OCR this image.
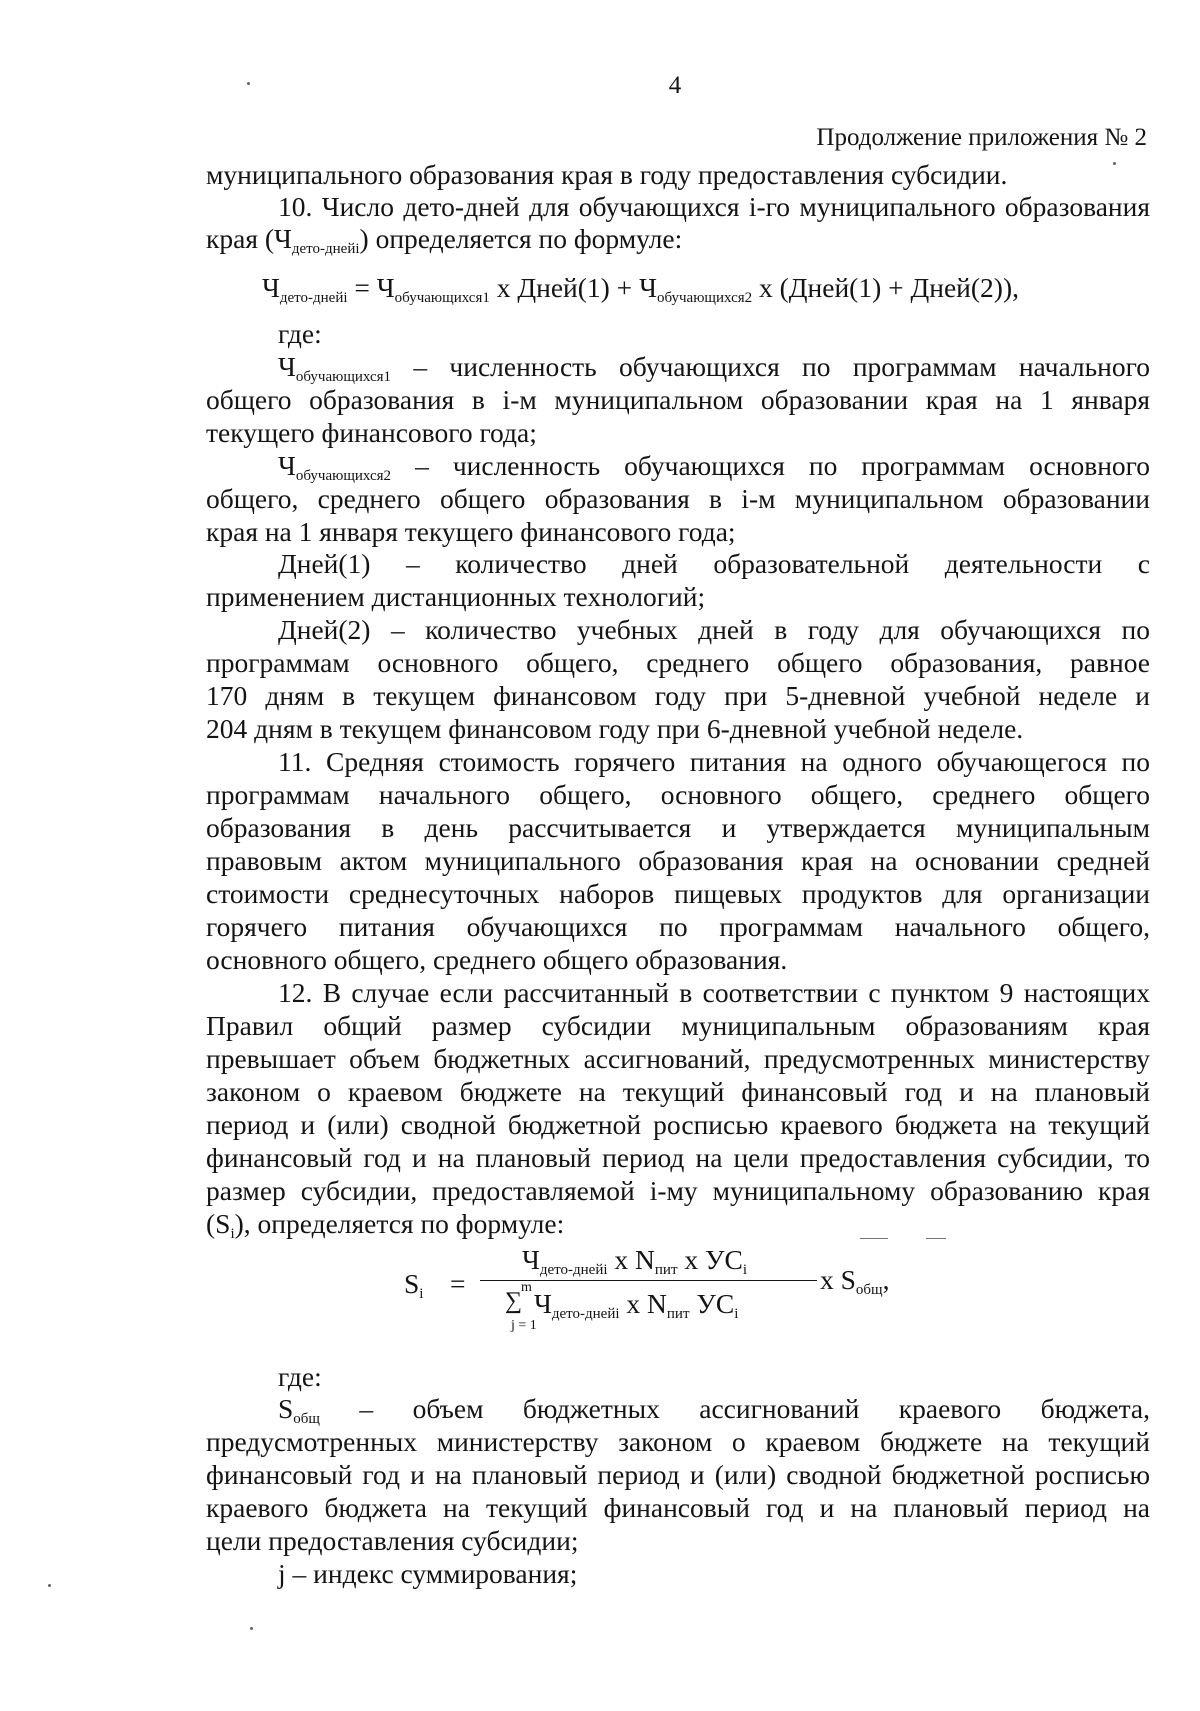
4
Продолжение приложения № 2
муниципального образования края в году предоставления субсидии.
10. Число дето-дней для обучающихся i-го муниципального образования
края $(Ч_{дето-днейi})$ определяется по формуле:
$Ч_{дето-днейi} = Ч_{обучающихся1}$ х Дней(1) + $Ч_{обучающихся2}$ х (Дней(1) + Дней(2)),
где:
$Ч_{обучающихся1}$ – численность обучающихся по программам начального
общего образования в i-м муниципальном образовании края на 1 января
текущего финансового года;
$Ч_{обучающихся2}$ – численность обучающихся по программам основного
общего, среднего общего образования в i-м муниципальном образовании
края на 1 января текущего финансового года;
Дней(1) – количество дней образовательной деятельности с
применением дистанционных технологий;
Дней(2) – количество учебных дней в году для обучающихся по
программам основного общего, среднего общего образования, равное
170 дням в текущем финансовом году при 5-дневной учебной неделе и
204 дням в текущем финансовом году при 6-дневной учебной неделе.
11. Средняя стоимость горячего питания на одного обучающегося по
программам начального общего, основного общего, среднего общего
образования в день рассчитывается и утверждается муниципальным
правовым актом муниципального образования края на основании средней
стоимости среднесуточных наборов пищевых продуктов для организации
горячего питания обучающихся по программам начального общего,
основного общего, среднего общего образования.
12. В случае если рассчитанный в соответствии с пунктом 9 настоящих
Правил общий размер субсидии муниципальным образованиям края
превышает объем бюджетных ассигнований, предусмотренных министерству
законом о краевом бюджете на текущий финансовый год и на плановый
период и (или) сводной бюджетной росписью краевого бюджета на текущий
финансовый год и на плановый период на цели предоставления субсидии, то
размер субсидии, предоставляемой i-му муниципальному образованию края
$(S_i)$, определяется по формуле:
$S_i$ =
$Ч_{дето-днейi}$ х $N_{пит}$ х $УС_i$
∑
m
j = 1
$Ч_{дето-днейi}$ х $N_{пит}$ $УС_i$
х $S_{общ}$,
где:
$S_{общ}$ – объем бюджетных ассигнований краевого бюджета,
предусмотренных министерству законом о краевом бюджете на текущий
финансовый год и на плановый период и (или) сводной бюджетной росписью
краевого бюджета на текущий финансовый год и на плановый период на
цели предоставления субсидии;
j – индекс суммирования;
